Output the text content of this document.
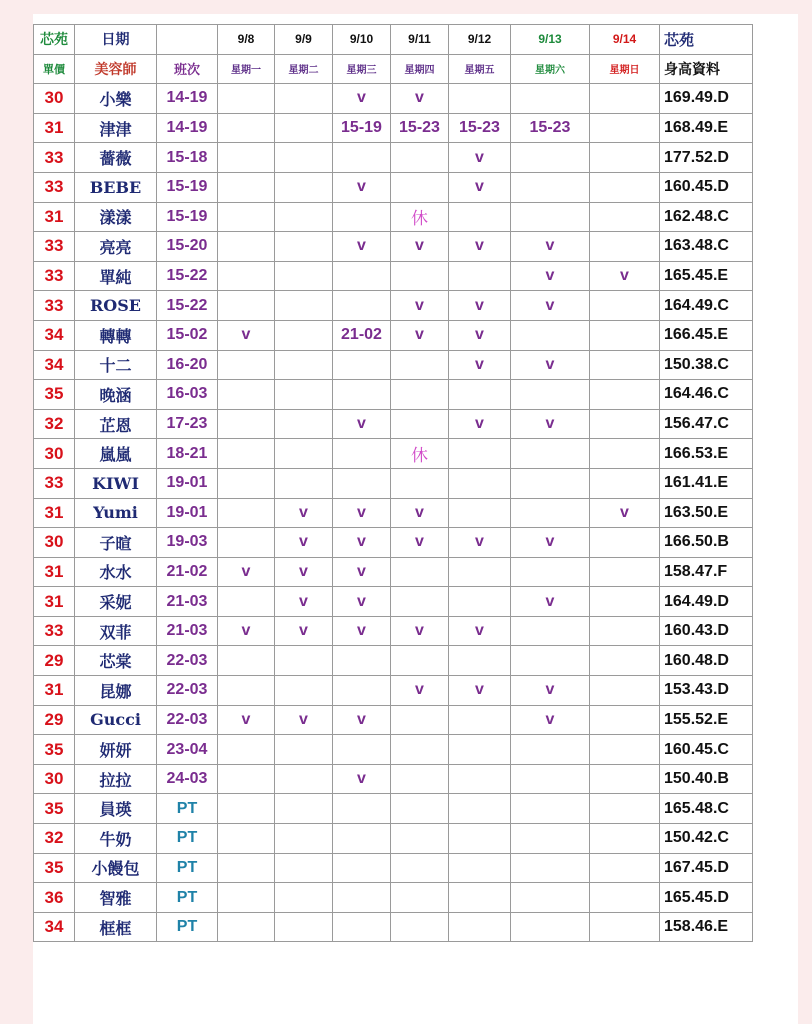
芯苑	日期		9/8	9/9	9/10	9/11	9/12	9/13	9/14	芯苑
單價	美容師	班次	星期一	星期二	星期三	星期四	星期五	星期六	星期日	身高資料
30	小樂	14-19			v	v				169.49.D
31	津津	14-19			15-19	15-23	15-23	15-23		168.49.E
33	薔薇	15-18					v			177.52.D
33	BEBE	15-19			v		v			160.45.D
31	漾漾	15-19				休				162.48.C
33	亮亮	15-20			v	v	v	v		163.48.C
33	單純	15-22						v	v	165.45.E
33	ROSE	15-22				v	v	v		164.49.C
34	轉轉	15-02	v		21-02	v	v			166.45.E
34	十二	16-20					v	v		150.38.C
35	晚涵	16-03								164.46.C
32	芷恩	17-23			v		v	v		156.47.C
30	嵐嵐	18-21				休				166.53.E
33	KIWI	19-01								161.41.E
31	Yumi	19-01		v	v	v			v	163.50.E
30	子暄	19-03		v	v	v	v	v		166.50.B
31	水水	21-02	v	v	v					158.47.F
31	采妮	21-03		v	v			v		164.49.D
33	双菲	21-03	v	v	v	v	v			160.43.D
29	芯棠	22-03								160.48.D
31	昆娜	22-03				v	v	v		153.43.D
29	Gucci	22-03	v	v	v			v		155.52.E
35	妍妍	23-04								160.45.C
30	拉拉	24-03			v					150.40.B
35	員瑛	PT								165.48.C
32	牛奶	PT								150.42.C
35	小饅包	PT								167.45.D
36	智雅	PT								165.45.D
34	框框	PT								158.46.E
